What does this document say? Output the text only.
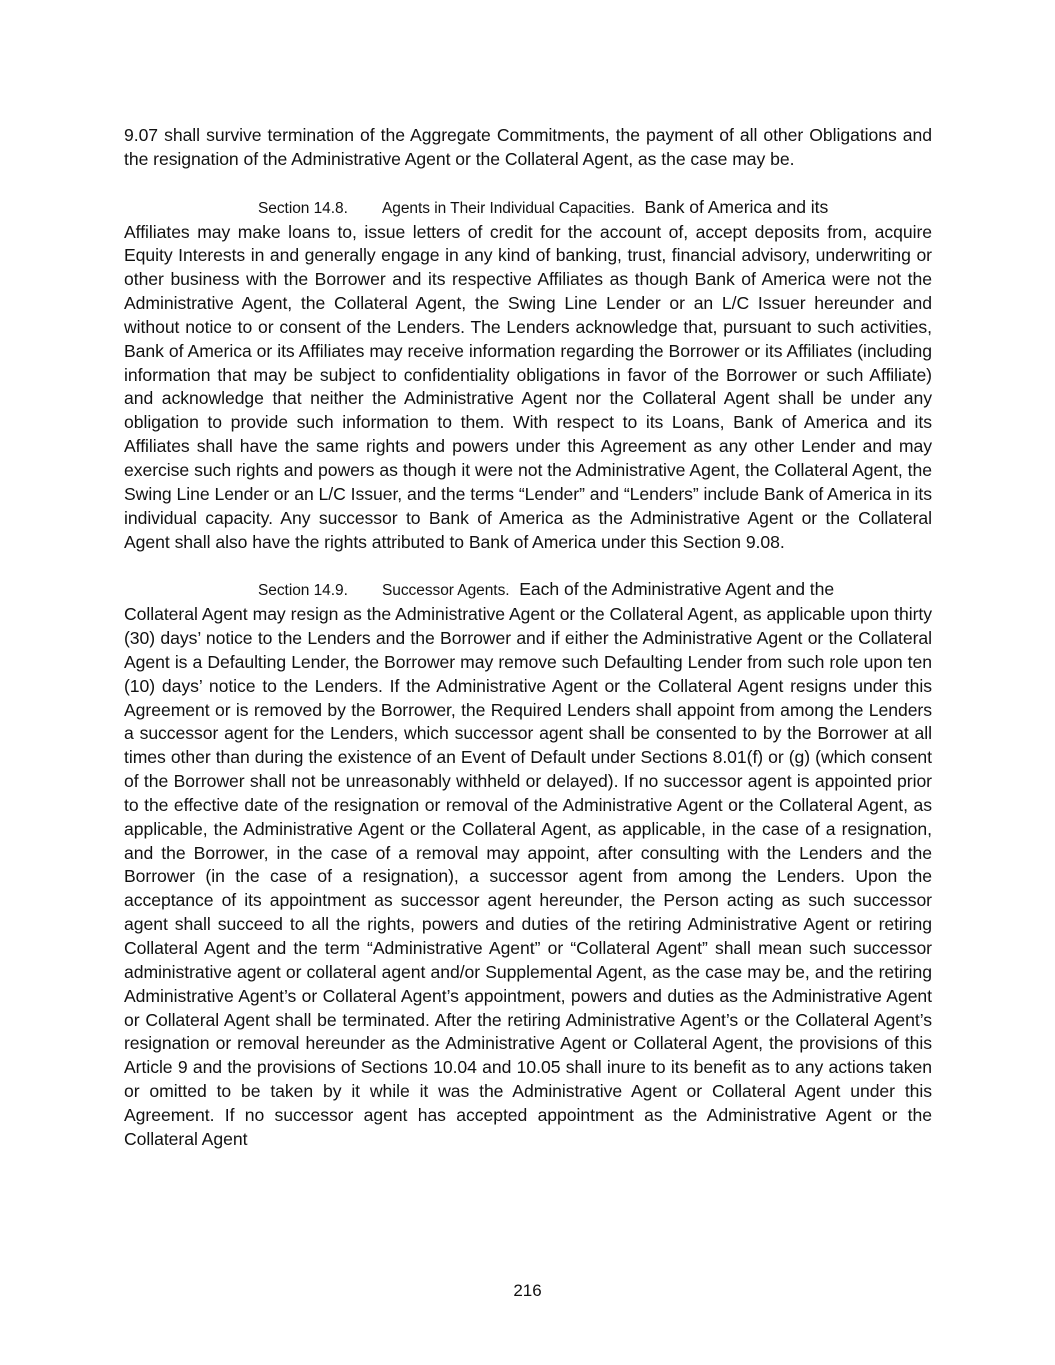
9.07 shall survive termination of the Aggregate Commitments, the payment of all other Obligations and the resignation of the Administrative Agent or the Collateral Agent, as the case may be.

Section 14.8. Agents in Their Individual Capacities. Bank of America and its
Affiliates may make loans to, issue letters of credit for the account of, accept deposits from, acquire Equity Interests in and generally engage in any kind of banking, trust, financial advisory, underwriting or other business with the Borrower and its respective Affiliates as though Bank of America were not the Administrative Agent, the Collateral Agent, the Swing Line Lender or an L/C Issuer hereunder and without notice to or consent of the Lenders. The Lenders acknowledge that, pursuant to such activities, Bank of America or its Affiliates may receive information regarding the Borrower or its Affiliates (including information that may be subject to confidentiality obligations in favor of the Borrower or such Affiliate) and acknowledge that neither the Administrative Agent nor the Collateral Agent shall be under any obligation to provide such information to them. With respect to its Loans, Bank of America and its Affiliates shall have the same rights and powers under this Agreement as any other Lender and may exercise such rights and powers as though it were not the Administrative Agent, the Collateral Agent, the Swing Line Lender or an L/C Issuer, and the terms “Lender” and “Lenders” include Bank of America in its individual capacity. Any successor to Bank of America as the Administrative Agent or the Collateral Agent shall also have the rights attributed to Bank of America under this Section 9.08.

Section 14.9. Successor Agents. Each of the Administrative Agent and the
Collateral Agent may resign as the Administrative Agent or the Collateral Agent, as applicable upon thirty (30) days’ notice to the Lenders and the Borrower and if either the Administrative Agent or the Collateral Agent is a Defaulting Lender, the Borrower may remove such Defaulting Lender from such role upon ten (10) days’ notice to the Lenders. If the Administrative Agent or the Collateral Agent resigns under this Agreement or is removed by the Borrower, the Required Lenders shall appoint from among the Lenders a successor agent for the Lenders, which successor agent shall be consented to by the Borrower at all times other than during the existence of an Event of Default under Sections 8.01(f) or (g) (which consent of the Borrower shall not be unreasonably withheld or delayed). If no successor agent is appointed prior to the effective date of the resignation or removal of the Administrative Agent or the Collateral Agent, as applicable, the Administrative Agent or the Collateral Agent, as applicable, in the case of a resignation, and the Borrower, in the case of a removal may appoint, after consulting with the Lenders and the Borrower (in the case of a resignation), a successor agent from among the Lenders. Upon the acceptance of its appointment as successor agent hereunder, the Person acting as such successor agent shall succeed to all the rights, powers and duties of the retiring Administrative Agent or retiring Collateral Agent and the term “Administrative Agent” or “Collateral Agent” shall mean such successor administrative agent or collateral agent and/or Supplemental Agent, as the case may be, and the retiring Administrative Agent’s or Collateral Agent’s appointment, powers and duties as the Administrative Agent or Collateral Agent shall be terminated. After the retiring Administrative Agent’s or the Collateral Agent’s resignation or removal hereunder as the Administrative Agent or Collateral Agent, the provisions of this Article 9 and the provisions of Sections 10.04 and 10.05 shall inure to its benefit as to any actions taken or omitted to be taken by it while it was the Administrative Agent or Collateral Agent under this Agreement. If no successor agent has accepted appointment as the Administrative Agent or the Collateral Agent

216
